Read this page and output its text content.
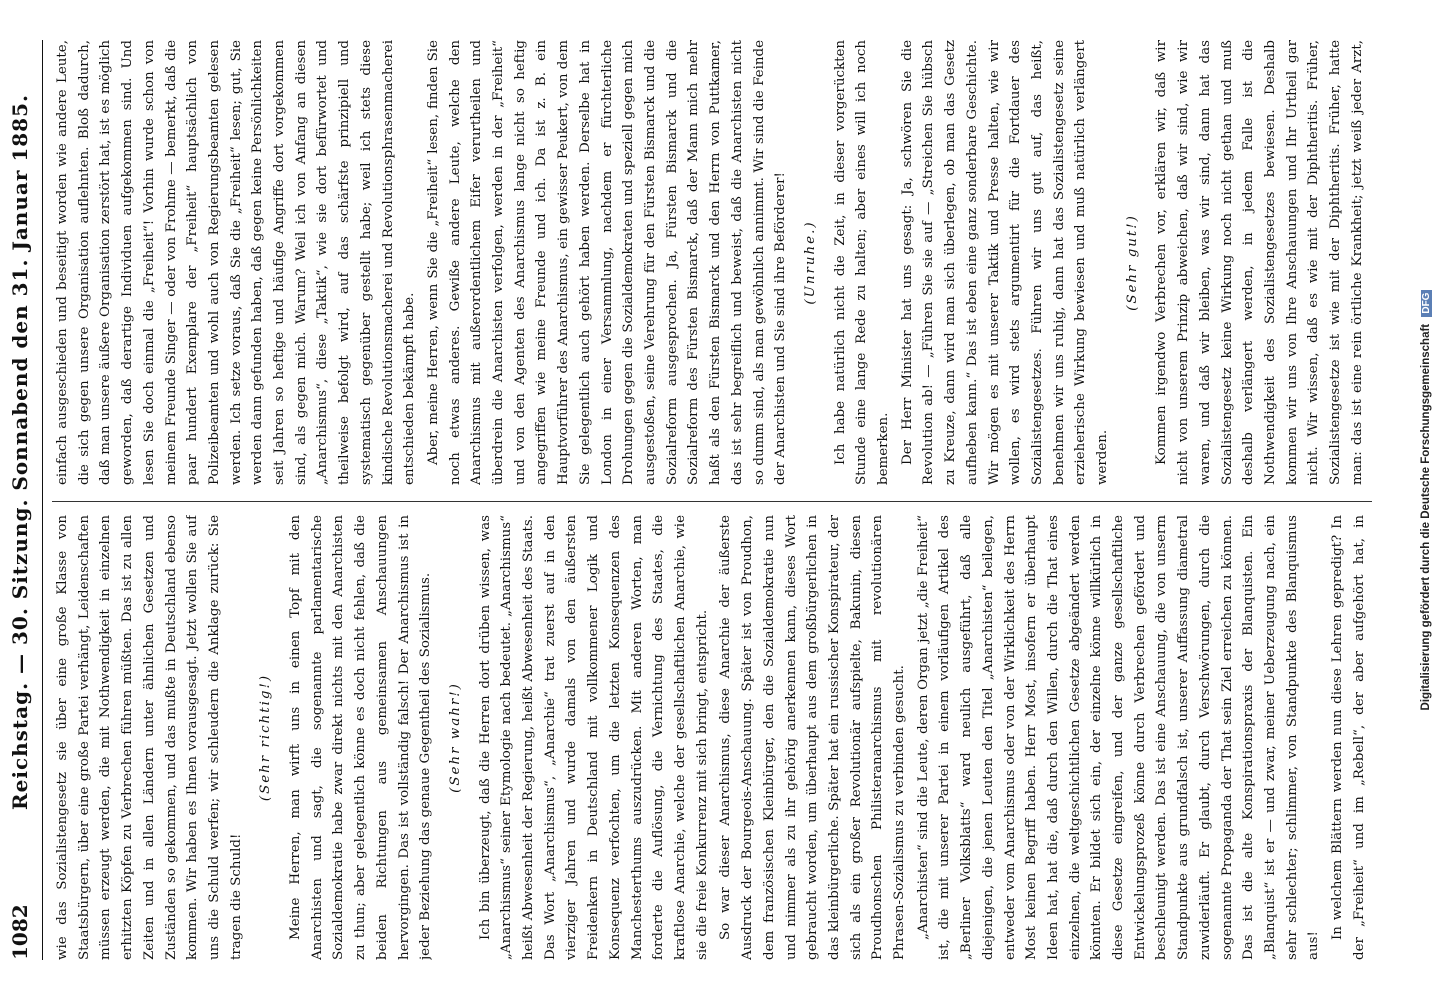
1082
Reichstag. — 30. Sitzung. Sonnabend den 31. Januar 1885. wie das Sozialistengesetz sie über eine große Klasse von Staatsbürgern, über eine große Partei verhängt, Leidenschaften müssen erzeugt werden, die mit Nothwendigkeit in einzelnen erhitzten Köpfen zu Verbrechen führen müßten. Das ist zu allen Zeiten und in allen Ländern unter ähnlichen Gesetzen und Zuständen so gekommen, und das mußte in Deutschland ebenso kommen. Wir haben es Ihnen vorausgesagt. Jetzt wollen Sie auf uns die Schuld werfen; wir schleudern die Anklage zurück: Sie tragen die Schuld!

(Sehr richtig!) Meine Herren, man wirft uns in einen Topf mit den Anarchisten und sagt, die sogenannte parlamentarische Sozialdemokratie habe zwar direkt nichts mit den Anarchisten zu thun; aber gelegentlich könne es doch nicht fehlen, daß die beiden Richtungen aus gemeinsamen Anschauungen hervorgingen. Das ist vollständig falsch! Der Anarchismus ist in jeder Beziehung das genaue Gegentheil des Sozialismus. (Sehr wahr!) Ich bin überzeugt, daß die Herren dort drüben wissen, was „Anarchismus“ seiner Etymologie nach bedeutet. „Anarchismus“ heißt Abwesenheit der Regierung, heißt Abwesenheit des Staats. Das Wort „Anarchismus“, „Anarchie“ trat zuerst auf in den vierziger Jahren und wurde damals von den äußersten Freidenkern in Deutschland mit vollkommener Logik und Konsequenz verfochten, um die letzten Konsequenzen des Manchesterthums auszudrücken. Mit anderen Worten, man forderte die Auflösung, die Vernichtung des Staates, die kraftlose Anarchie, welche der gesellschaftlichen Anarchie, wie sie die freie Konkurrenz mit sich bringt, entspricht. So war dieser Anarchismus, diese Anarchie der äußerste Ausdruck der Bourgeois-Anschauung. Später ist von Proudhon, dem französischen Kleinbürger, den die Sozialdemokratie nun und nimmer als zu ihr gehörig anerkennen kann, dieses Wort gebraucht worden, um überhaupt aus dem großbürgerlichen in das kleinbürgerliche. Später hat ein russischer Konspirateur, der sich als ein großer Revolutionär aufspielte, Bakunin, diesen Proudhonschen Philisteranarchismus mit revolutionären Phrasen-Sozialismus zu verbinden gesucht. „Anarchisten“ sind die Leute, deren Organ jetzt „die Freiheit“ ist, die mit unserer Partei in einem vorläufigen Artikel des „Berliner Volksblatts“ ward neulich ausgeführt, daß alle diejenigen, die jenen Leuten den Titel „Anarchisten“ beilegen, entweder vom Anarchismus oder von der Wirklichkeit des Herrn Most keinen Begriff haben. Herr Most, insofern er überhaupt Ideen hat, hat die, daß durch den Willen, durch die That eines einzelnen, die weltgeschichtlichen Gesetze abgeändert werden könnten. Er bildet sich ein, der einzelne könne willkürlich in diese Gesetze eingreifen, und der ganze gesellschaftliche Entwickelungsprozeß könne durch Verbrechen gefördert und beschleunigt werden. Das ist eine Anschauung, die von unserm Standpunkte aus grundfalsch ist, unserer Auffassung diametral zuwiderläuft. Er glaubt, durch Verschwörungen, durch die sogenannte Propaganda der That sein Ziel erreichen zu können. Das ist die alte Konspirationspraxis der Blanquisten. Ein „Blanquist“ ist er — und zwar, meiner Ueberzeugung nach, ein sehr schlechter; schlimmer, von Standpunkte des Blanquismus aus! In welchem Blättern werden nun diese Lehren gepredigt? In der „Freiheit“ und im „Rebell“, der aber aufgehört hat, in

einfach ausgeschieden und beseitigt worden wie andere Leute, die sich gegen unsere Organisation auflehnten. Bloß dadurch, daß man unsere äußere Organisation zerstört hat, ist es möglich geworden, daß derartige Individuen aufgekommen sind. Und lesen Sie doch einmal die „Freiheit“! Vorhin wurde schon von meinem Freunde Singer — oder von Frohme — bemerkt, daß die paar hundert Exemplare der „Freiheit“ hauptsächlich von Polizeibeamten und wohl auch von Regierungsbeamten gelesen werden. Ich setze voraus, daß Sie die „Freiheit“ lesen; gut, Sie werden dann gefunden haben, daß gegen keine Persönlichkeiten seit Jahren so heftige und häufige Angriffe dort vorgekommen sind, als gegen mich. Warum? Weil ich von Anfang an diesen „Anarchismus“, diese „Taktik“, wie sie dort befürwortet und theilweise befolgt wird, auf das schärfste prinzipiell und systematisch gegenüber gestellt habe; weil ich stets diese kindische Revolutionsmacherei und Revolutionsphrasenmacherei entschieden bekämpft habe. Aber, meine Herren, wenn Sie die „Freiheit“ lesen, finden Sie noch etwas anderes. Gewiße andere Leute, welche den Anarchismus mit außerordentlichem Eifer verurtheilen und überdrein die Anarchisten verfolgen, werden in der „Freiheit“ und von den Agenten des Anarchismus lange nicht so heftig angegriffen wie meine Freunde und ich. Da ist z. B. ein Hauptvorführer des Anarchismus, ein gewisser Peukert, von dem Sie gelegentlich auch gehört haben werden. Derselbe hat in London in einer Versammlung, nachdem er fürchterliche Drohungen gegen die Sozialdemokraten und speziell gegen mich ausgestoßen, seine Verehrung für den Fürsten Bismarck und die Sozialreform ausgesprochen. Ja, Fürsten Bismarck und die Sozialreform des Fürsten Bismarck, daß der Mann mich mehr haßt als den Fürsten Bismarck und den Herrn von Puttkamer, das ist sehr begreiflich und beweist, daß die Anarchisten nicht so dumm sind, als man gewöhnlich annimmt. Wir sind die Feinde der Anarchisten und Sie sind ihre Beförderer! (Unruhe.) Ich habe natürlich nicht die Zeit, in dieser vorgerückten Stunde eine lange Rede zu halten; aber eines will ich noch bemerken. Der Herr Minister hat uns gesagt: Ja, schwören Sie die Revolution ab! — „Führen Sie sie auf — „Streichen Sie hübsch zu Kreuze, dann wird man sich überlegen, ob man das Gesetz aufheben kann.“ Das ist eben eine ganz sonderbare Geschichte. Wir mögen es mit unserer Taktik und Presse halten, wie wir wollen, es wird stets argumentirt für die Fortdauer des Sozialistengesetzes. Führen wir uns gut auf, das heißt, benehmen wir uns ruhig, dann hat das Sozialistengesetz seine erzieherische Wirkung bewiesen und muß natürlich verlängert werden.

(Sehr gut!)

Kommen irgendwo Verbrechen vor, erklären wir, daß wir nicht von unserem Prinzip abweichen, daß wir sind, wie wir waren, und daß wir bleiben, was wir sind, dann hat das Sozialistengesetz keine Wirkung noch nicht gethan und muß deshalb verlängert werden, in jedem Falle ist die Nothwendigkeit des Sozialistengesetzes bewiesen. Deshalb kommen wir uns von Ihre Anschauungen und Ihr Urtheil gar nicht. Wir wissen, daß es wie mit der Diphtheritis. Früher, Sozialistengesetze ist wie mit der Diphtheritis. Früher, hatte man: das ist eine rein örtliche Krankheit; jetzt weiß jeder Arzt,

Digitalisierung gefördert durch die Deutsche Forschungsgemeinschaft DFG
